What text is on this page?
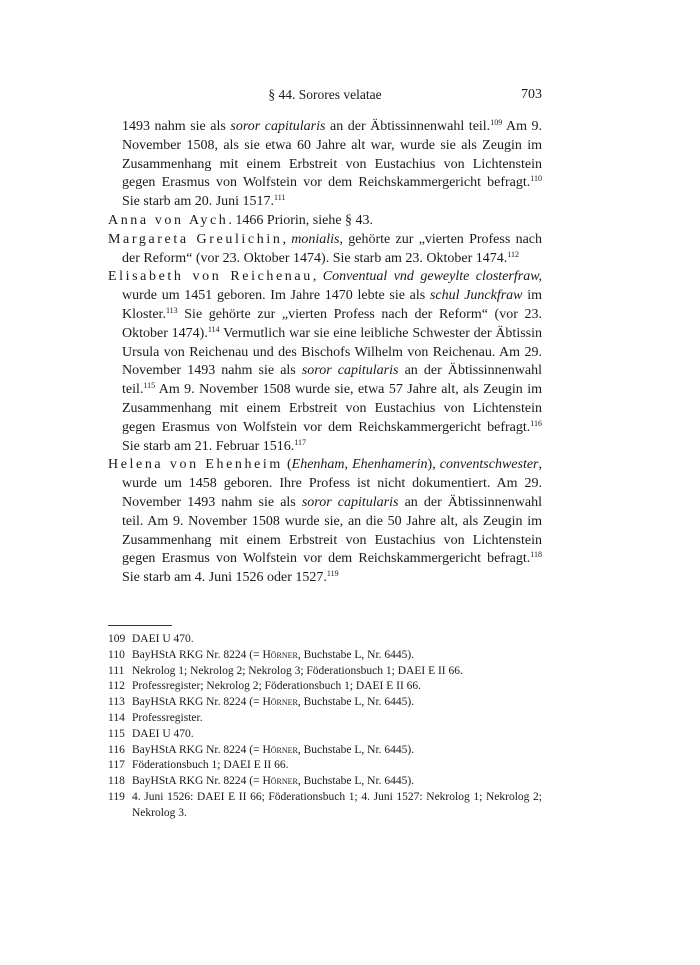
§ 44. Sorores velatae	703

1493 nahm sie als soror capitularis an der Äbtissinnenwahl teil.$^{109}$ Am 9. November 1508, als sie etwa 60 Jahre alt war, wurde sie als Zeugin im Zusammenhang mit einem Erbstreit von Eustachius von Lichtenstein gegen Erasmus von Wolfstein vor dem Reichskammergericht befragt.$^{110}$ Sie starb am 20. Juni 1517.$^{111}$

Anna von Aych. 1466 Priorin, siehe § 43.

Margareta Greulichin, monialis, gehörte zur „vierten Profess nach der Reform“ (vor 23. Oktober 1474). Sie starb am 23. Oktober 1474.$^{112}$

Elisabeth von Reichenau, Conventual vnd geweylte closterfraw, wurde um 1451 geboren. Im Jahre 1470 lebte sie als schul Junckfraw im Kloster.$^{113}$ Sie gehörte zur „vierten Profess nach der Reform“ (vor 23. Oktober 1474).$^{114}$ Vermutlich war sie eine leibliche Schwester der Äbtissin Ursula von Reichenau und des Bischofs Wilhelm von Reichenau. Am 29. November 1493 nahm sie als soror capitularis an der Äbtissinnenwahl teil.$^{115}$ Am 9. November 1508 wurde sie, etwa 57 Jahre alt, als Zeugin im Zusammenhang mit einem Erbstreit von Eustachius von Lichtenstein gegen Erasmus von Wolfstein vor dem Reichskammergericht befragt.$^{116}$ Sie starb am 21. Februar 1516.$^{117}$

Helena von Ehenheim (Ehenham, Ehenhamerin), conventschwester, wurde um 1458 geboren. Ihre Profess ist nicht dokumentiert. Am 29. November 1493 nahm sie als soror capitularis an der Äbtissinnenwahl teil. Am 9. November 1508 wurde sie, an die 50 Jahre alt, als Zeugin im Zusammenhang mit einem Erbstreit von Eustachius von Lichtenstein gegen Erasmus von Wolfstein vor dem Reichskammergericht befragt.$^{118}$ Sie starb am 4. Juni 1526 oder 1527.$^{119}$

109 DAEI U 470.
110 BayHStA RKG Nr. 8224 (= Hörner, Buchstabe L, Nr. 6445).
111 Nekrolog 1; Nekrolog 2; Nekrolog 3; Föderationsbuch 1; DAEI E II 66.
112 Professregister; Nekrolog 2; Föderationsbuch 1; DAEI E II 66.
113 BayHStA RKG Nr. 8224 (= Hörner, Buchstabe L, Nr. 6445).
114 Professregister.
115 DAEI U 470.
116 BayHStA RKG Nr. 8224 (= Hörner, Buchstabe L, Nr. 6445).
117 Föderationsbuch 1; DAEI E II 66.
118 BayHStA RKG Nr. 8224 (= Hörner, Buchstabe L, Nr. 6445).
119 4. Juni 1526: DAEI E II 66; Föderationsbuch 1; 4. Juni 1527: Nekrolog 1; Nekrolog 2; Nekrolog 3.
